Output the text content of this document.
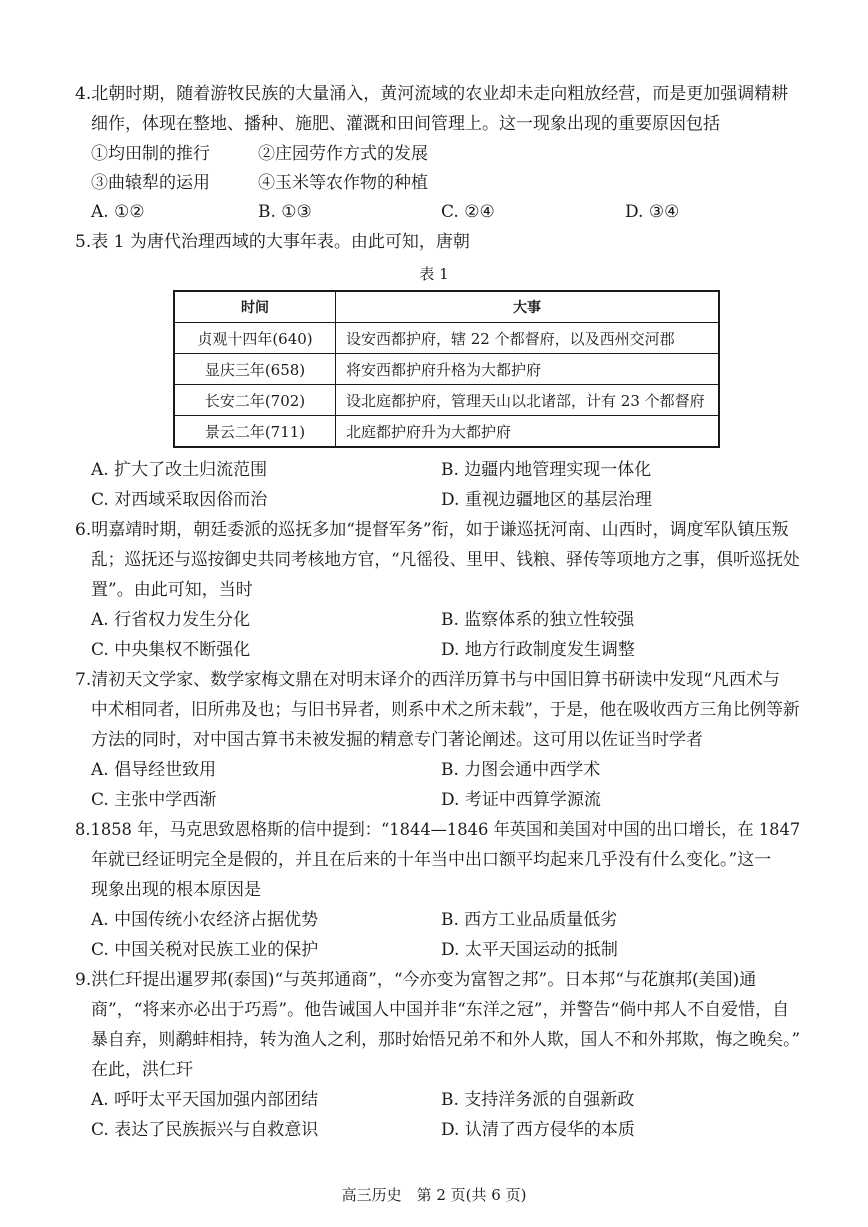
4.北朝时期，随着游牧民族的大量涌入，黄河流域的农业却未走向粗放经营，而是更加强调精耕
细作，体现在整地、播种、施肥、灌溉和田间管理上。这一现象出现的重要原因包括
①均田制的推行	②庄园劳作方式的发展
③曲辕犁的运用	④玉米等农作物的种植
A. ①②	B. ①③	C. ②④	D. ③④
5.表 1 为唐代治理西域的大事年表。由此可知，唐朝
表 1
时间	大事
贞观十四年(640)	设安西都护府，辖 22 个都督府，以及西州交河郡
显庆三年(658)	将安西都护府升格为大都护府
长安二年(702)	设北庭都护府，管理天山以北诸部，计有 23 个都督府
景云二年(711)	北庭都护府升为大都护府
A. 扩大了改土归流范围	B. 边疆内地管理实现一体化
C. 对西域采取因俗而治	D. 重视边疆地区的基层治理
6.明嘉靖时期，朝廷委派的巡抚多加“提督军务”衔，如于谦巡抚河南、山西时，调度军队镇压叛
乱；巡抚还与巡按御史共同考核地方官，“凡徭役、里甲、钱粮、驿传等项地方之事，俱听巡抚处
置”。由此可知，当时
A. 行省权力发生分化	B. 监察体系的独立性较强
C. 中央集权不断强化	D. 地方行政制度发生调整
7.清初天文学家、数学家梅文鼎在对明末译介的西洋历算书与中国旧算书研读中发现“凡西术与
中术相同者，旧所弗及也；与旧书异者，则系中术之所未载”，于是，他在吸收西方三角比例等新
方法的同时，对中国古算书未被发掘的精意专门著论阐述。这可用以佐证当时学者
A. 倡导经世致用	B. 力图会通中西学术
C. 主张中学西渐	D. 考证中西算学源流
8.1858 年，马克思致恩格斯的信中提到：“1844—1846 年英国和美国对中国的出口增长，在 1847
年就已经证明完全是假的，并且在后来的十年当中出口额平均起来几乎没有什么变化。”这一
现象出现的根本原因是
A. 中国传统小农经济占据优势	B. 西方工业品质量低劣
C. 中国关税对民族工业的保护	D. 太平天国运动的抵制
9.洪仁玕提出暹罗邦(泰国)“与英邦通商”，“今亦变为富智之邦”。日本邦“与花旗邦(美国)通
商”，“将来亦必出于巧焉”。他告诫国人中国并非“东洋之冠”，并警告“倘中邦人不自爱惜，自
暴自弃，则鹬蚌相持，转为渔人之利，那时始悟兄弟不和外人欺，国人不和外邦欺，悔之晚矣。”
在此，洪仁玕
A. 呼吁太平天国加强内部团结	B. 支持洋务派的自强新政
C. 表达了民族振兴与自救意识	D. 认清了西方侵华的本质
高三历史　第 2 页(共 6 页)
